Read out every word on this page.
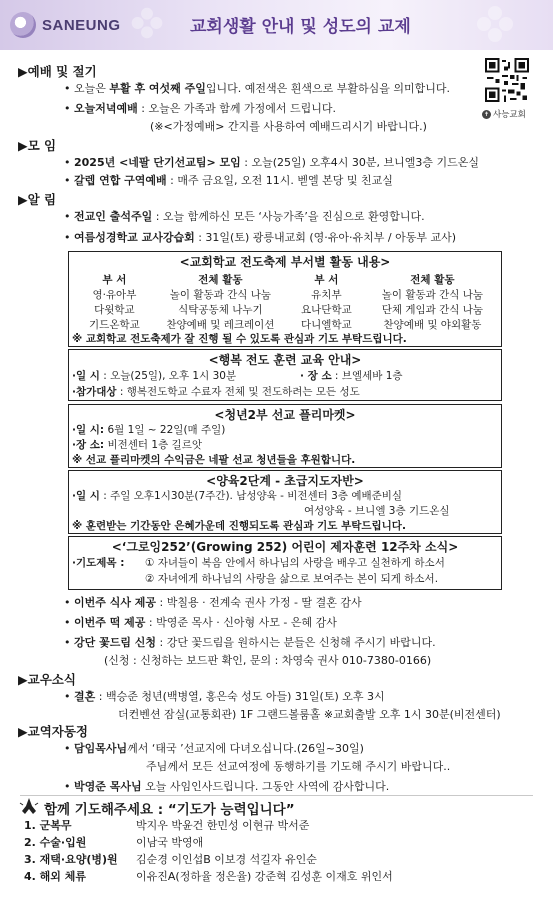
SANEUNG	교회생활 안내 및 성도의 교제
✝ 사능교회
▶예배 및 절기
• 오늘은 부활 후 여섯째 주일입니다. 예전색은 흰색으로 부활하심을 의미합니다.
• 오늘저녁예배 : 오늘은 가족과 함께 가정에서 드립니다.
(※<가정예배> 간지를 사용하여 예배드리시기 바랍니다.)
▶모 임
• 2025년 <네팔 단기선교팀> 모임 : 오늘(25일) 오후4시 30분, 브니엘3층 기드온실
• 갈렙 연합 구역예배 : 매주 금요일, 오전 11시. 벧엘 본당 및 친교실
▶알 림
• 전교인 출석주일 : 오늘 함께하신 모든 ‘사능가족’을 진심으로 환영합니다.
• 여름성경학교 교사강습회 : 31일(토) 광릉내교회 (영·유아·유치부 / 아동부 교사)
<교회학교 전도축제 부서별 활동 내용>
부 서	전체 활동	부 서	전체 활동
영·유아부	놀이 활동과 간식 나눔	유치부	놀이 활동과 간식 나눔
다윗학교	식탁공동체 나누기	요나단학교	단체 게임과 간식 나눔
기드온학교	찬양예배 및 레크레이션	다니엘학교	찬양예배 및 야외활동
※ 교회학교 전도축제가 잘 진행 될 수 있도록 관심과 기도 부탁드립니다.
<행복 전도 훈련 교육 안내>
·일 시 : 오늘(25일), 오후 1시 30분	· 장 소 : 브엘세바 1층
·참가대상 : 행복전도학교 수료자 전체 및 전도하려는 모든 성도
<청년2부 선교 플리마켓>
·일 시: 6월 1일 ~ 22일(매 주일)
·장 소: 비전센터 1층 길르앗
※ 선교 플리마켓의 수익금은 네팔 선교 청년들을 후원합니다.
<양육2단계 - 초급지도자반>
·일 시 : 주일 오후1시30분(7주간). 남성양육 - 비전센터 3층 예배준비실
여성양육 - 브니엘 3층 기드온실
※ 훈련받는 기간동안 은혜가운데 진행되도록 관심과 기도 부탁드립니다.
<‘그로잉252’(Growing 252) 어린이 제자훈련 12주차 소식>
·기도제목 : ① 자녀들이 복음 안에서 하나님의 사랑을 배우고 실천하게 하소서
② 자녀에게 하나님의 사랑을 삶으로 보여주는 본이 되게 하소서.
• 이번주 식사 제공 : 박칠용 · 전계숙 권사 가정 - 딸 결혼 감사
• 이번주 떡 제공 : 박영준 목사 · 신아형 사모 - 은혜 감사
• 강단 꽃드림 신청 : 강단 꽃드림을 원하시는 분들은 신청해 주시기 바랍니다.
(신청 : 신청하는 보드판 확인, 문의 : 차영숙 권사 010-7380-0166)
▶교우소식
• 결혼 : 백승준 청년(백병열, 홍은숙 성도 아들) 31일(토) 오후 3시
더컨벤션 잠실(교통회관) 1F 그랜드볼룸홀 ※교회출발 오후 1시 30분(비전센터)
▶교역자동정
• 담임목사님께서 ‘태국 ’선교지에 다녀오십니다.(26일~30일)
주님께서 모든 선교여정에 동행하기를 기도해 주시기 바랍니다..
• 박영준 목사님 오늘 사임인사드립니다. 그동안 사역에 감사합니다.
함께 기도해주세요 : “기도가 능력입니다”
1. 군복무	박지우 박윤건 한민성 이현규 박서준
2. 수술·입원	이남국 박영애
3. 재택·요양(병)원 김순경 이인섭B 이보경 석길자 유인순
4. 해외 체류	이유진A(정하율 정은율) 강준혁 김성훈 이재호 위인서
